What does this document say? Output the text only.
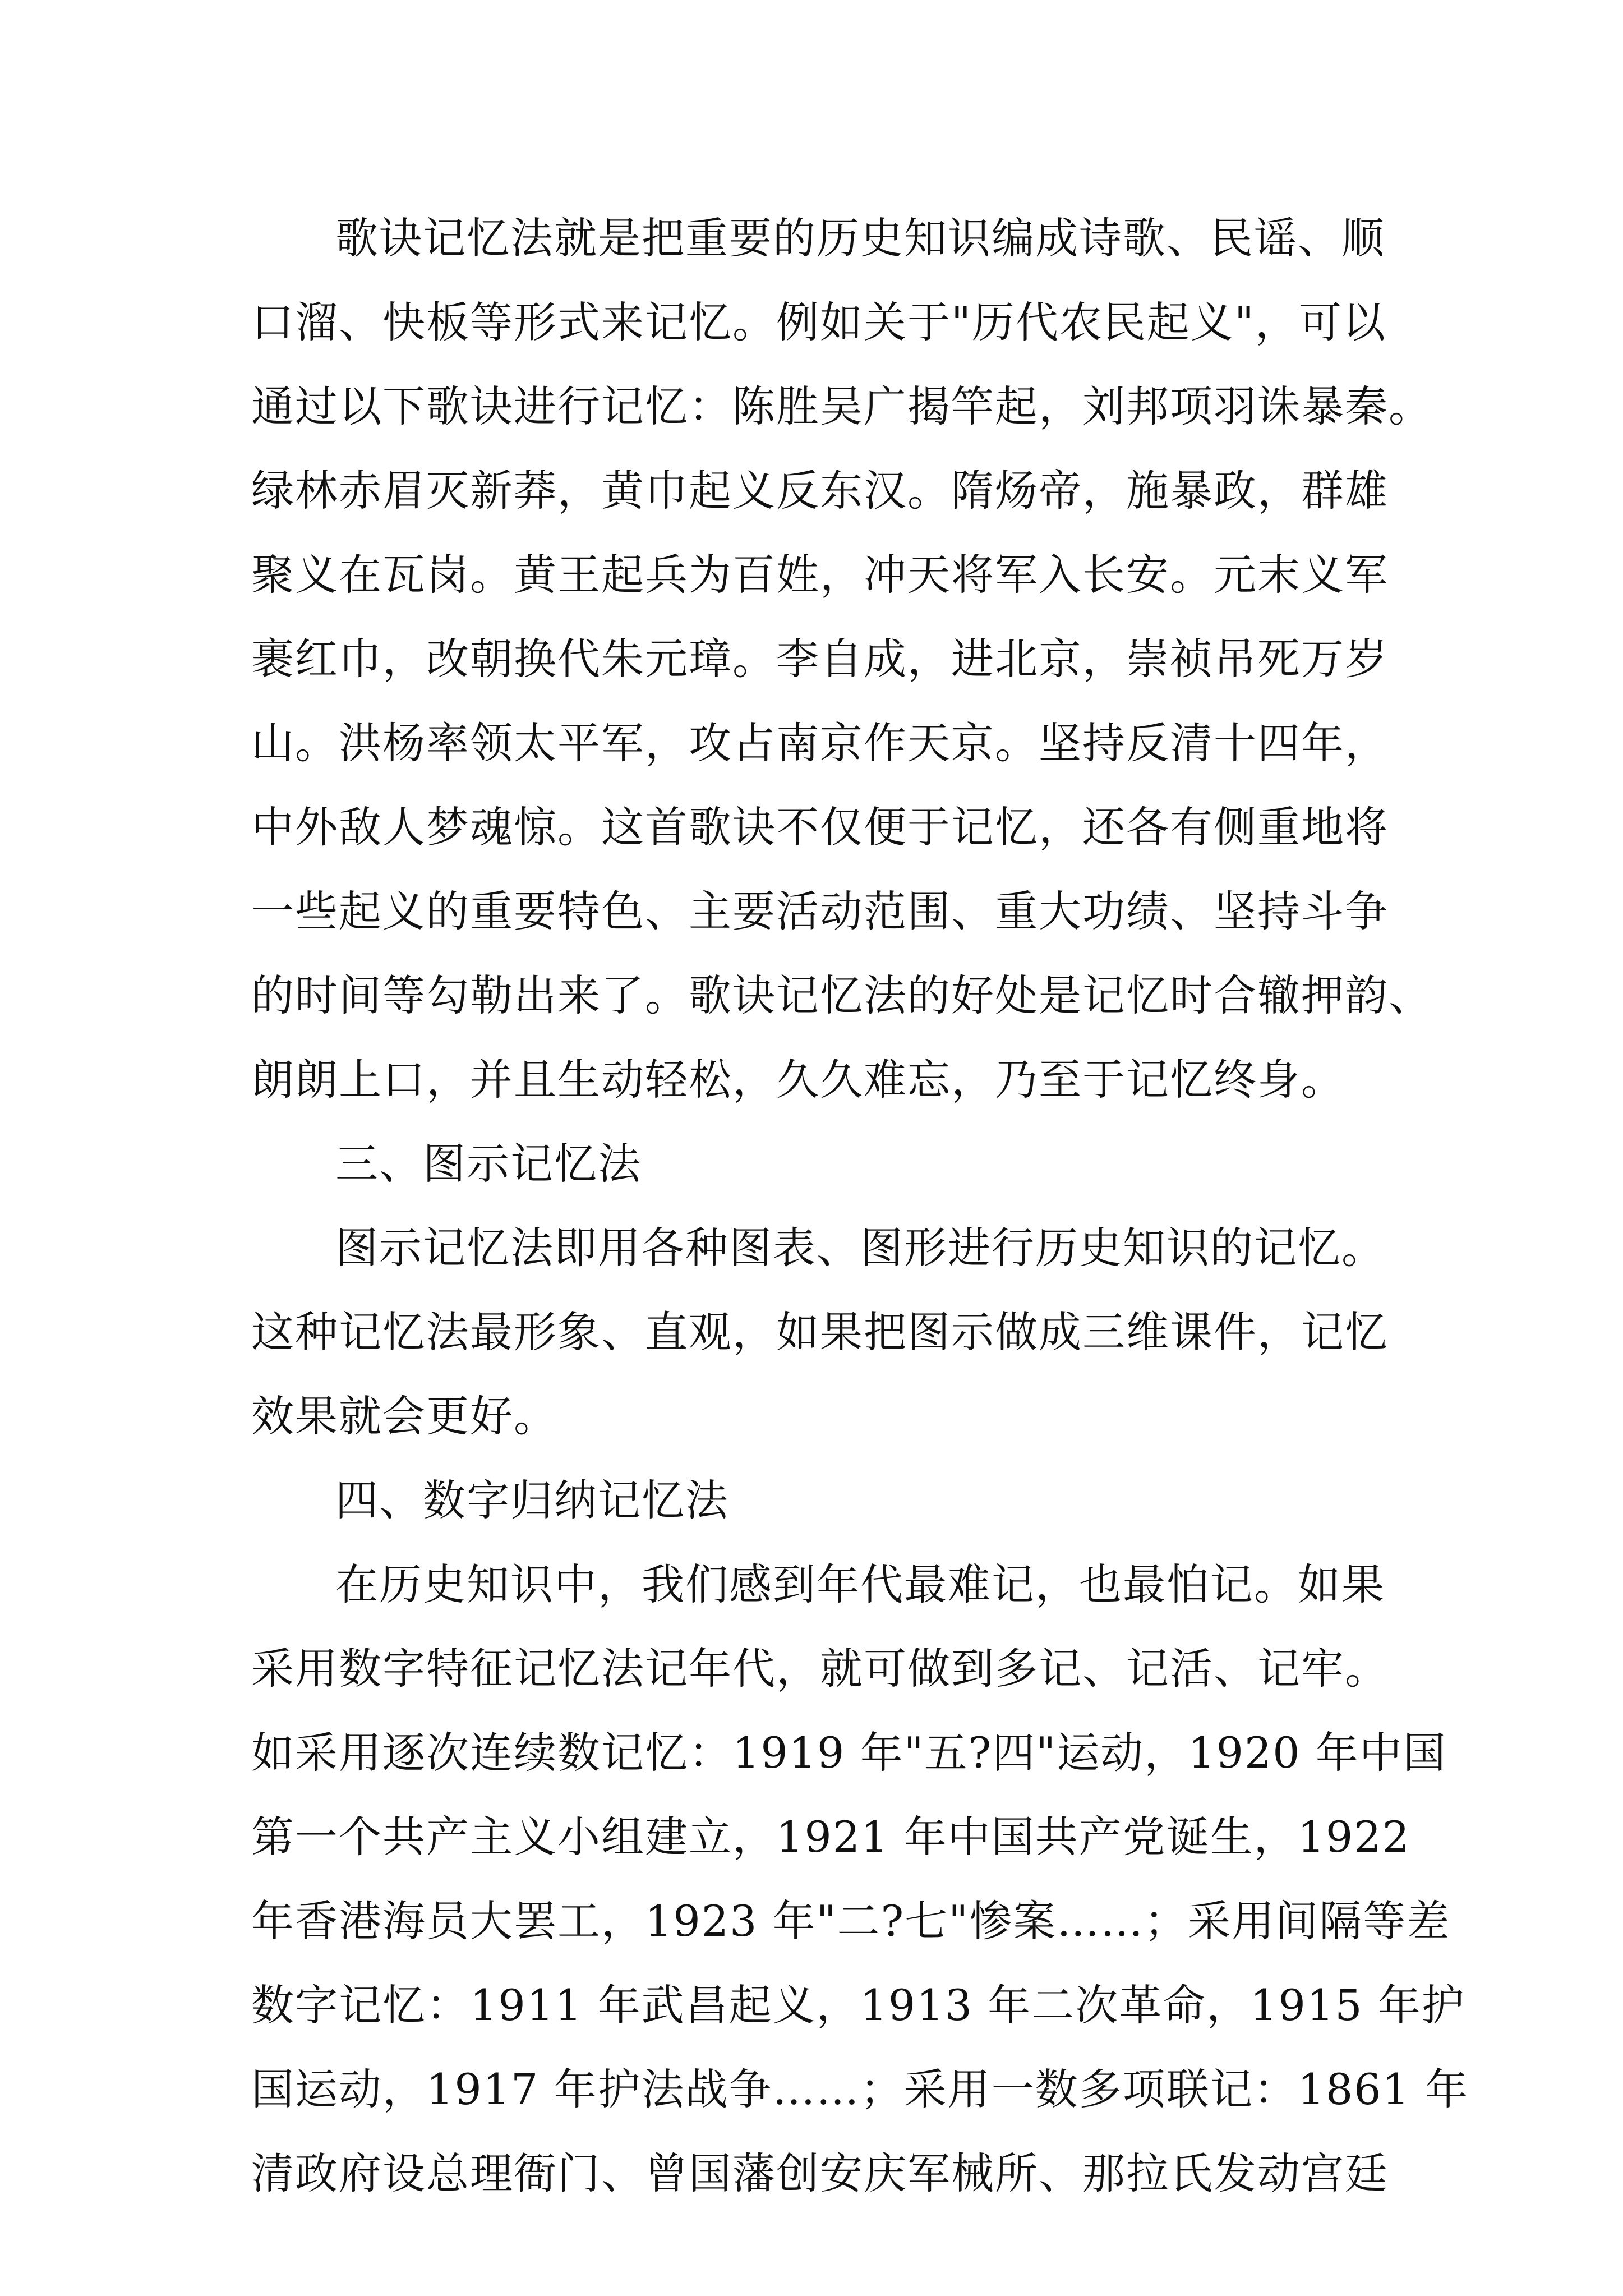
歌诀记忆法就是把重要的历史知识编成诗歌、民谣、顺
口溜、快板等形式来记忆。例如关于"历代农民起义"，可以
通过以下歌诀进行记忆：陈胜吴广揭竿起，刘邦项羽诛暴秦。
绿林赤眉灭新莽，黄巾起义反东汉。隋炀帝，施暴政，群雄
聚义在瓦岗。黄王起兵为百姓，冲天将军入长安。元末义军
裹红巾，改朝换代朱元璋。李自成，进北京，崇祯吊死万岁
山。洪杨率领太平军，攻占南京作天京。坚持反清十四年，
中外敌人梦魂惊。这首歌诀不仅便于记忆，还各有侧重地将
一些起义的重要特色、主要活动范围、重大功绩、坚持斗争
的时间等勾勒出来了。歌诀记忆法的好处是记忆时合辙押韵、
朗朗上口，并且生动轻松，久久难忘，乃至于记忆终身。
三、图示记忆法
图示记忆法即用各种图表、图形进行历史知识的记忆。
这种记忆法最形象、直观，如果把图示做成三维课件，记忆
效果就会更好。
四、数字归纳记忆法
在历史知识中，我们感到年代最难记，也最怕记。如果
采用数字特征记忆法记年代，就可做到多记、记活、记牢。
如采用逐次连续数记忆：1919 年"五?四"运动，1920 年中国
第一个共产主义小组建立，1921 年中国共产党诞生，1922
年香港海员大罢工，1923 年"二?七"惨案……；采用间隔等差
数字记忆：1911 年武昌起义，1913 年二次革命，1915 年护
国运动，1917 年护法战争……；采用一数多项联记：1861 年
清政府设总理衙门、曾国藩创安庆军械所、那拉氏发动宫廷
